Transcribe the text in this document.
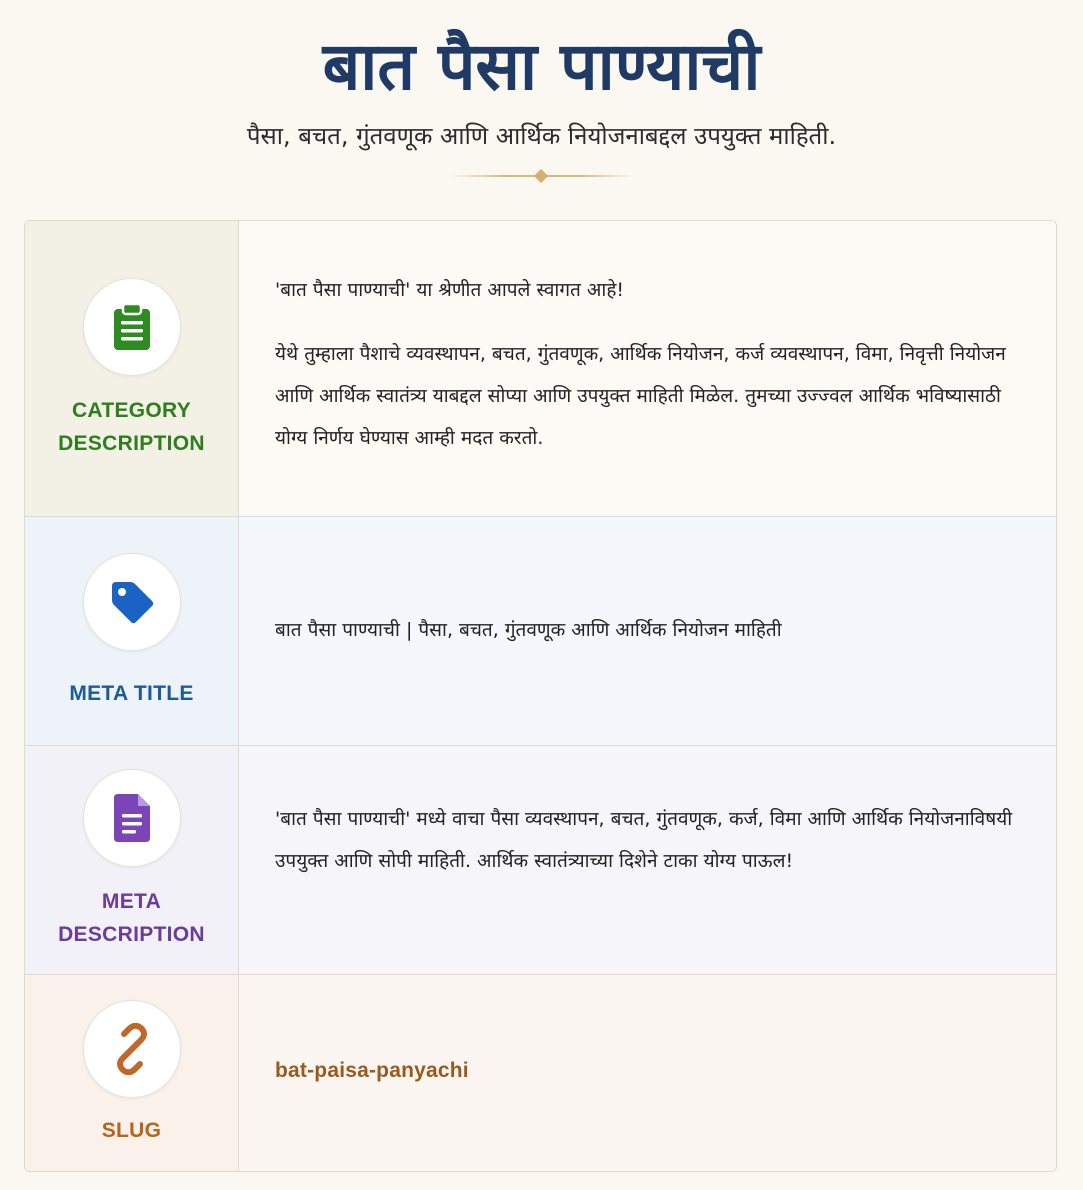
बात पैसा पाण्याची

पैसा, बचत, गुंतवणूक आणि आर्थिक नियोजनाबद्दल उपयुक्त माहिती.

CATEGORY
DESCRIPTION

'बात पैसा पाण्याची' या श्रेणीत आपले स्वागत आहे!

येथे तुम्हाला पैशाचे व्यवस्थापन, बचत, गुंतवणूक, आर्थिक नियोजन, कर्ज व्यवस्थापन, विमा, निवृत्ती नियोजन आणि आर्थिक स्वातंत्र्य याबद्दल सोप्या आणि उपयुक्त माहिती मिळेल. तुमच्या उज्ज्वल आर्थिक भविष्यासाठी योग्य निर्णय घेण्यास आम्ही मदत करतो.

META TITLE

बात पैसा पाण्याची | पैसा, बचत, गुंतवणूक आणि आर्थिक नियोजन माहिती

META
DESCRIPTION

'बात पैसा पाण्याची' मध्ये वाचा पैसा व्यवस्थापन, बचत, गुंतवणूक, कर्ज, विमा आणि आर्थिक नियोजनाविषयी उपयुक्त आणि सोपी माहिती. आर्थिक स्वातंत्र्याच्या दिशेने टाका योग्य पाऊल!

SLUG
bat-paisa-panyachi
